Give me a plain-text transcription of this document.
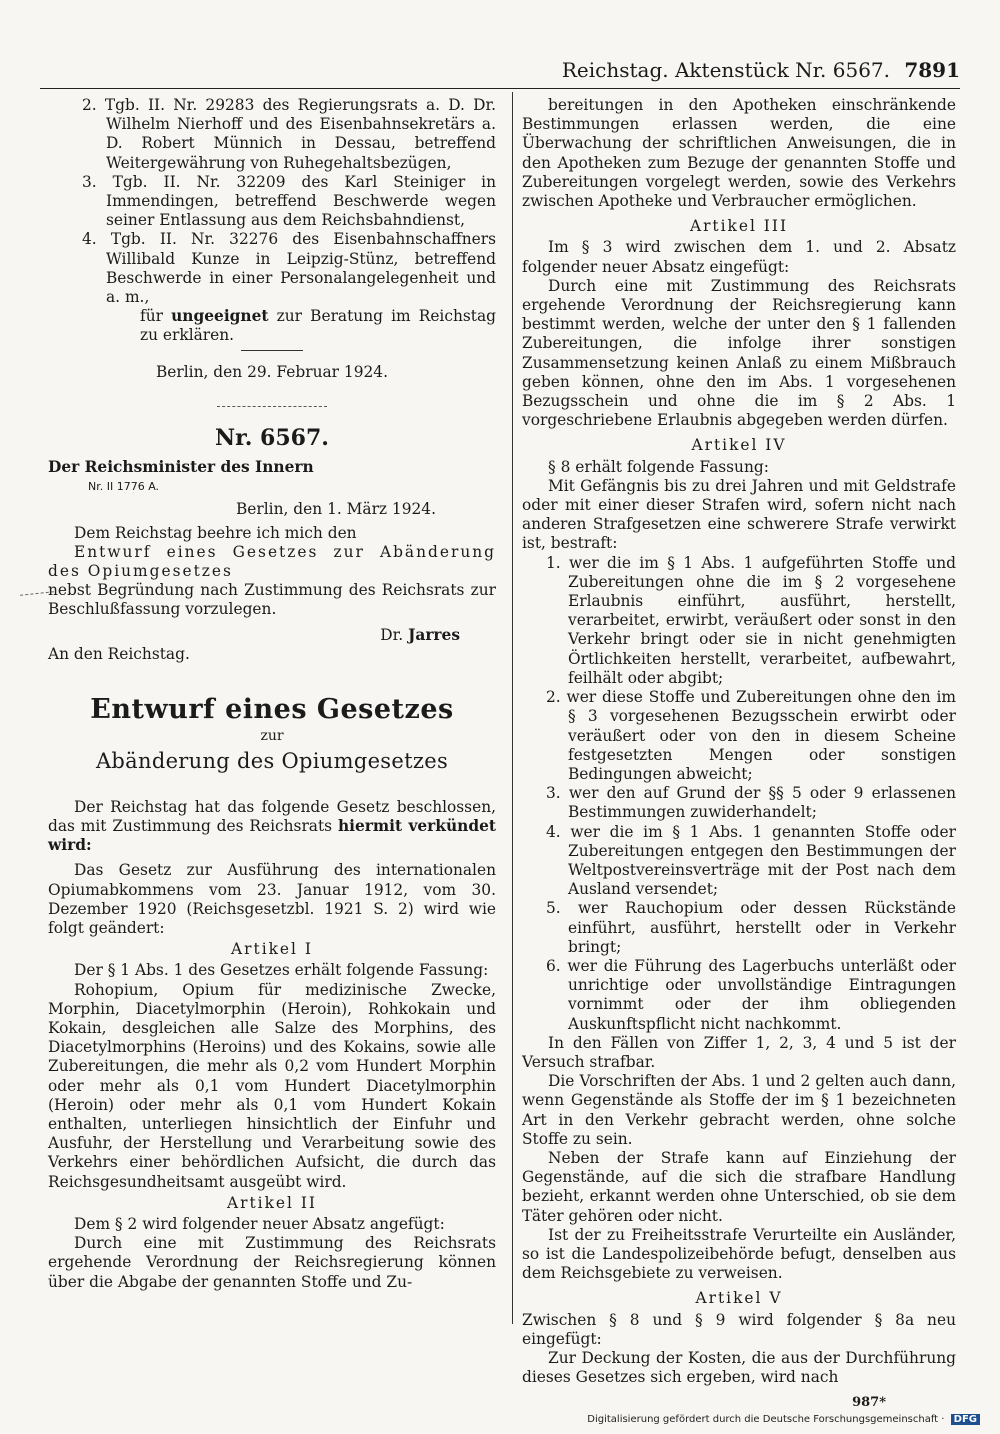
Reichstag. Aktenstück Nr. 6567. 7891

2. Tgb. II. Nr. 29283 des Regierungsrats a. D. Dr. Wilhelm Nierhoff und des Eisenbahnsekretärs a. D. Robert Münnich in Dessau, betreffend Weitergewährung von Ruhegehaltsbezügen,

3. Tgb. II. Nr. 32209 des Karl Steiniger in Immendingen, betreffend Beschwerde wegen seiner Entlassung aus dem Reichsbahndienst,

4. Tgb. II. Nr. 32276 des Eisenbahnschaffners Willibald Kunze in Leipzig-Stünz, betreffend Beschwerde in einer Personalangelegenheit und a. m.,

für ungeeignet zur Beratung im Reichstag zu erklären.

Berlin, den 29. Februar 1924.

Nr. 6567.

Der Reichsminister des Innern

Nr. II 1776 A.

Berlin, den 1. März 1924.

Dem Reichstag beehre ich mich den

Entwurf eines Gesetzes zur Abänderung des Opiumgesetzes

nebst Begründung nach Zustimmung des Reichsrats zur Beschlußfassung vorzulegen.

Dr. Jarres

An den Reichstag.

Entwurf eines Gesetzes
zur
Abänderung des Opiumgesetzes

Der Reichstag hat das folgende Gesetz beschlossen, das mit Zustimmung des Reichsrats hiermit verkündet wird:

Das Gesetz zur Ausführung des internationalen Opiumabkommens vom 23. Januar 1912, vom 30. Dezember 1920 (Reichsgesetzbl. 1921 S. 2) wird wie folgt geändert:

Artikel I

Der § 1 Abs. 1 des Gesetzes erhält folgende Fassung:

Rohopium, Opium für medizinische Zwecke, Morphin, Diacetylmorphin (Heroin), Rohkokain und Kokain, desgleichen alle Salze des Morphins, des Diacetylmorphins (Heroins) und des Kokains, sowie alle Zubereitungen, die mehr als 0,2 vom Hundert Morphin oder mehr als 0,1 vom Hundert Diacetylmorphin (Heroin) oder mehr als 0,1 vom Hundert Kokain enthalten, unterliegen hinsichtlich der Einfuhr und Ausfuhr, der Herstellung und Verarbeitung sowie des Verkehrs einer behördlichen Aufsicht, die durch das Reichsgesundheitsamt ausgeübt wird.

Artikel II

Dem § 2 wird folgender neuer Absatz angefügt:

Durch eine mit Zustimmung des Reichsrats ergehende Verordnung der Reichsregierung können über die Abgabe der genannten Stoffe und Zu-

bereitungen in den Apotheken einschränkende Bestimmungen erlassen werden, die eine Überwachung der schriftlichen Anweisungen, die in den Apotheken zum Bezuge der genannten Stoffe und Zubereitungen vorgelegt werden, sowie des Verkehrs zwischen Apotheke und Verbraucher ermöglichen.

Artikel III

Im § 3 wird zwischen dem 1. und 2. Absatz folgender neuer Absatz eingefügt:

Durch eine mit Zustimmung des Reichsrats ergehende Verordnung der Reichsregierung kann bestimmt werden, welche der unter den § 1 fallenden Zubereitungen, die infolge ihrer sonstigen Zusammensetzung keinen Anlaß zu einem Mißbrauch geben können, ohne den im Abs. 1 vorgesehenen Bezugsschein und ohne die im § 2 Abs. 1 vorgeschriebene Erlaubnis abgegeben werden dürfen.

Artikel IV

§ 8 erhält folgende Fassung:

Mit Gefängnis bis zu drei Jahren und mit Geldstrafe oder mit einer dieser Strafen wird, sofern nicht nach anderen Strafgesetzen eine schwerere Strafe verwirkt ist, bestraft:

1. wer die im § 1 Abs. 1 aufgeführten Stoffe und Zubereitungen ohne die im § 2 vorgesehene Erlaubnis einführt, ausführt, herstellt, verarbeitet, erwirbt, veräußert oder sonst in den Verkehr bringt oder sie in nicht genehmigten Örtlichkeiten herstellt, verarbeitet, aufbewahrt, feilhält oder abgibt;

2. wer diese Stoffe und Zubereitungen ohne den im § 3 vorgesehenen Bezugsschein erwirbt oder veräußert oder von den in diesem Scheine festgesetzten Mengen oder sonstigen Bedingungen abweicht;

3. wer den auf Grund der §§ 5 oder 9 erlassenen Bestimmungen zuwiderhandelt;

4. wer die im § 1 Abs. 1 genannten Stoffe oder Zubereitungen entgegen den Bestimmungen der Weltpostvereinsverträge mit der Post nach dem Ausland versendet;

5. wer Rauchopium oder dessen Rückstände einführt, ausführt, herstellt oder in Verkehr bringt;

6. wer die Führung des Lagerbuchs unterläßt oder unrichtige oder unvollständige Eintragungen vornimmt oder der ihm obliegenden Auskunftspflicht nicht nachkommt.

In den Fällen von Ziffer 1, 2, 3, 4 und 5 ist der Versuch strafbar.

Die Vorschriften der Abs. 1 und 2 gelten auch dann, wenn Gegenstände als Stoffe der im § 1 bezeichneten Art in den Verkehr gebracht werden, ohne solche Stoffe zu sein.

Neben der Strafe kann auf Einziehung der Gegenstände, auf die sich die strafbare Handlung bezieht, erkannt werden ohne Unterschied, ob sie dem Täter gehören oder nicht.

Ist der zu Freiheitsstrafe Verurteilte ein Ausländer, so ist die Landespolizeibehörde befugt, denselben aus dem Reichsgebiete zu verweisen.

Artikel V

Zwischen § 8 und § 9 wird folgender § 8a neu eingefügt:

Zur Deckung der Kosten, die aus der Durchführung dieses Gesetzes sich ergeben, wird nach

987*

Digitalisierung gefördert durch die Deutsche Forschungsgemeinschaft · DFG
